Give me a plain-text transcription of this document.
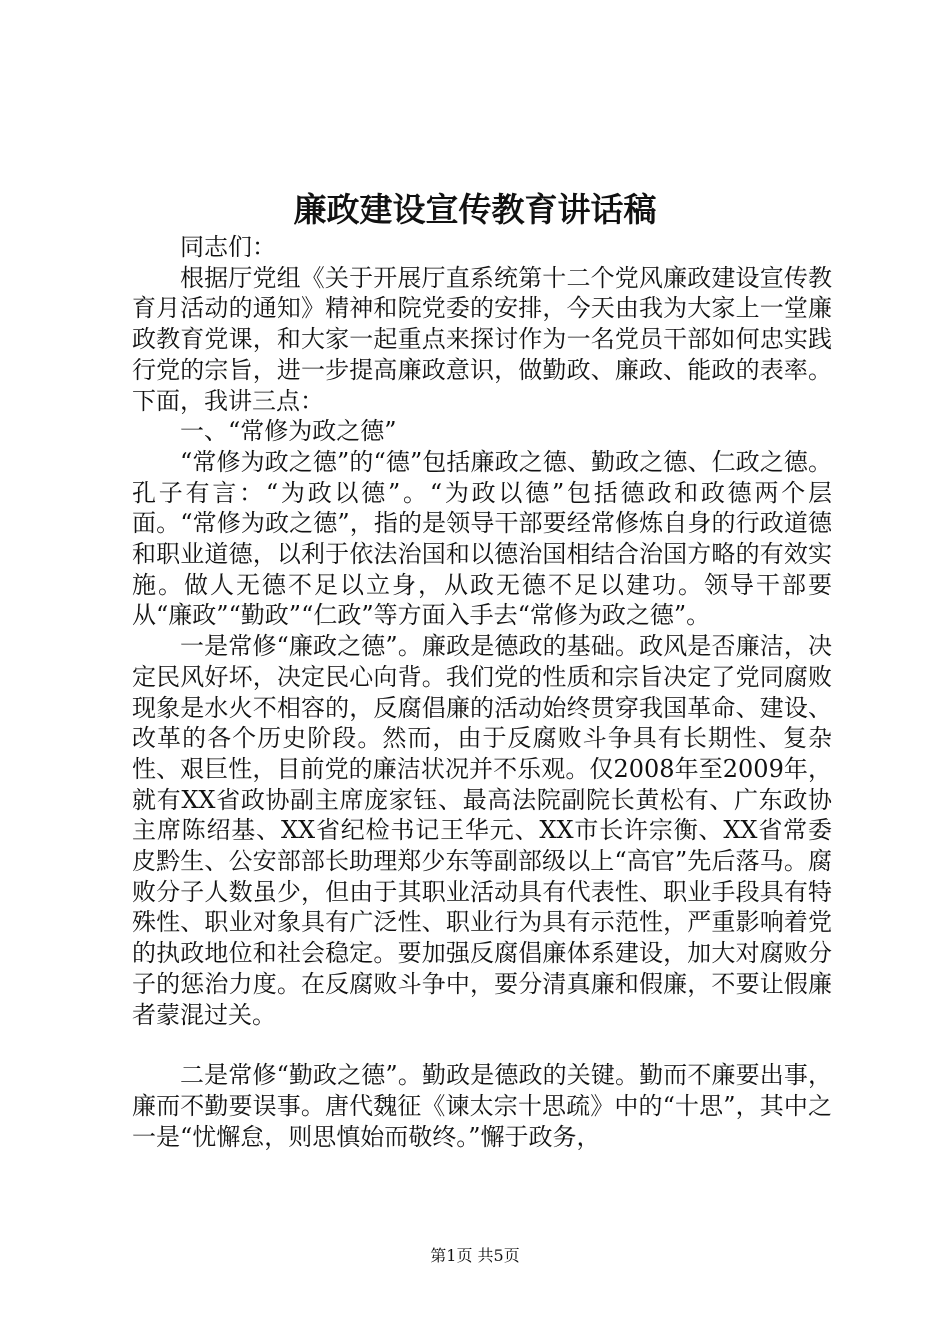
廉政建设宣传教育讲话稿

同志们：

根据厅党组《关于开展厅直系统第十二个党风廉政建设宣传教育月活动的通知》精神和院党委的安排，今天由我为大家上一堂廉政教育党课，和大家一起重点来探讨作为一名党员干部如何忠实践行党的宗旨，进一步提高廉政意识，做勤政、廉政、能政的表率。下面，我讲三点：

一、“常修为政之德”

“常修为政之德”的“德”包括廉政之德、勤政之德、仁政之德。孔子有言：“为政以德”。“为政以德”包括德政和政德两个层面。“常修为政之德”，指的是领导干部要经常修炼自身的行政道德和职业道德，以利于依法治国和以德治国相结合治国方略的有效实施。做人无德不足以立身，从政无德不足以建功。领导干部要从“廉政”“勤政”“仁政”等方面入手去“常修为政之德”。

一是常修“廉政之德”。廉政是德政的基础。政风是否廉洁，决定民风好坏，决定民心向背。我们党的性质和宗旨决定了党同腐败现象是水火不相容的，反腐倡廉的活动始终贯穿我国革命、建设、改革的各个历史阶段。然而，由于反腐败斗争具有长期性、复杂性、艰巨性，目前党的廉洁状况并不乐观。仅2008年至2009年，就有XX省政协副主席庞家钰、最高法院副院长黄松有、广东政协主席陈绍基、XX省纪检书记王华元、XX市长许宗衡、XX省常委皮黔生、公安部部长助理郑少东等副部级以上“高官”先后落马。腐败分子人数虽少，但由于其职业活动具有代表性、职业手段具有特殊性、职业对象具有广泛性、职业行为具有示范性，严重影响着党的执政地位和社会稳定。要加强反腐倡廉体系建设，加大对腐败分子的惩治力度。在反腐败斗争中，要分清真廉和假廉，不要让假廉者蒙混过关。

二是常修“勤政之德”。勤政是德政的关键。勤而不廉要出事，廉而不勤要误事。唐代魏征《谏太宗十思疏》中的“十思”，其中之一是“忧懈怠，则思慎始而敬终。”懈于政务，

第1页 共5页
